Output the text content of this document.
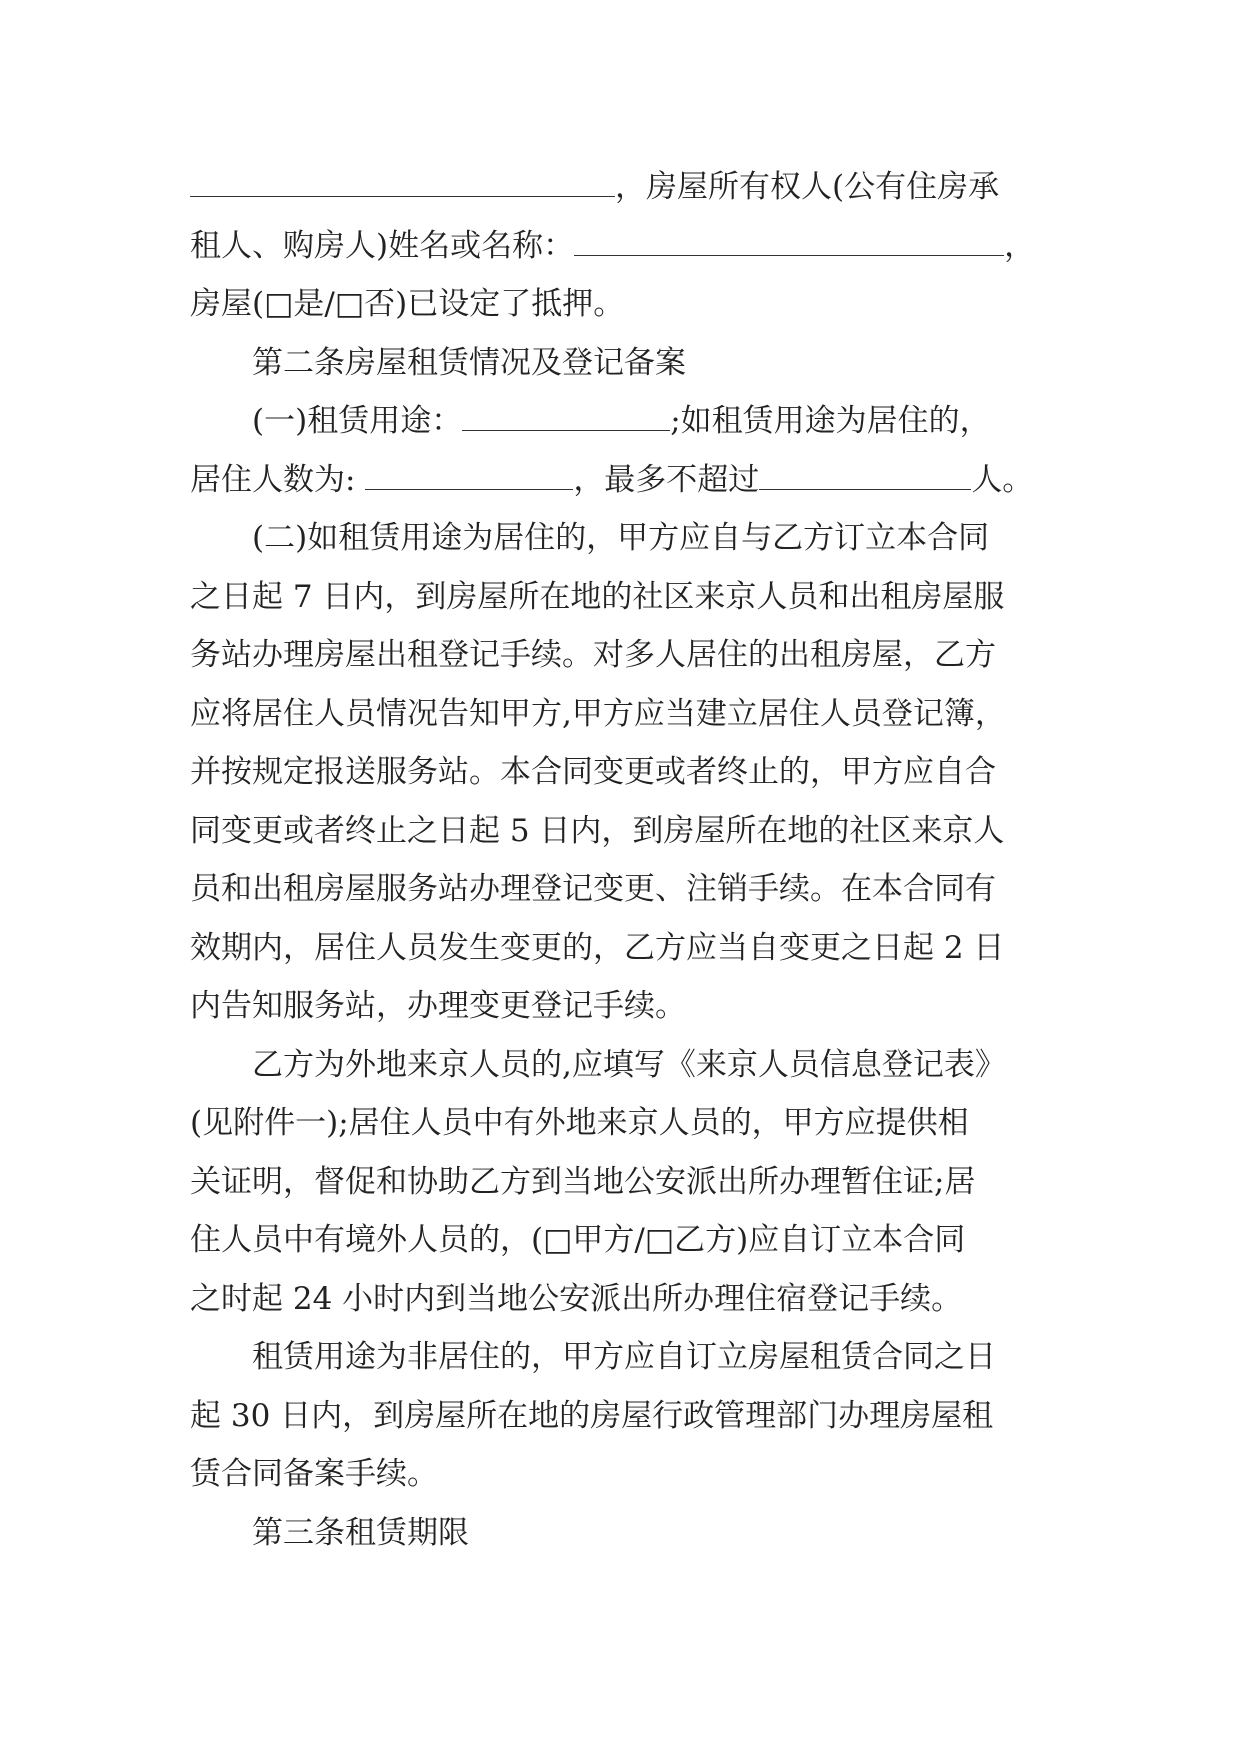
，房屋所有权人(公有住房承
租人、购房人)姓名或名称：	，
房屋(□是/□否)已设定了抵押。
第二条房屋租赁情况及登记备案
(一)租赁用途：	;如租赁用途为居住的，
居住人数为:	，最多不超过	人。
(二)如租赁用途为居住的，甲方应自与乙方订立本合同
之日起 7 日内，到房屋所在地的社区来京人员和出租房屋服
务站办理房屋出租登记手续。对多人居住的出租房屋，乙方
应将居住人员情况告知甲方,甲方应当建立居住人员登记簿，
并按规定报送服务站。本合同变更或者终止的，甲方应自合
同变更或者终止之日起 5 日内，到房屋所在地的社区来京人
员和出租房屋服务站办理登记变更、注销手续。在本合同有
效期内，居住人员发生变更的，乙方应当自变更之日起 2 日
内告知服务站，办理变更登记手续。
乙方为外地来京人员的,应填写《来京人员信息登记表》
(见附件一);居住人员中有外地来京人员的，甲方应提供相
关证明，督促和协助乙方到当地公安派出所办理暂住证;居
住人员中有境外人员的，(□甲方/□乙方)应自订立本合同
之时起 24 小时内到当地公安派出所办理住宿登记手续。
租赁用途为非居住的，甲方应自订立房屋租赁合同之日
起 30 日内，到房屋所在地的房屋行政管理部门办理房屋租
赁合同备案手续。
第三条租赁期限
